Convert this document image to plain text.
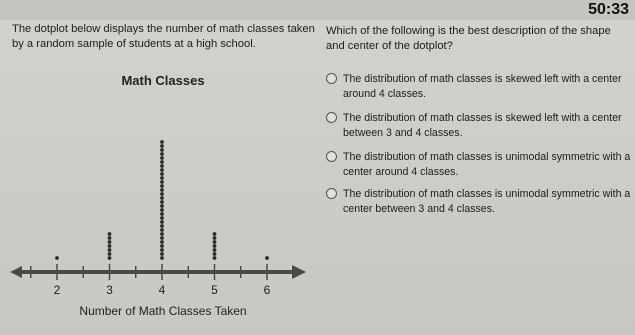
50:33
The dotplot below displays the number of math classes taken by a random sample of students at a high school.
Which of the following is the best description of the shape and center of the dotplot?
Math Classes
2	3	4	5	6
Number of Math Classes Taken
The distribution of math classes is skewed left with a center around 4 classes.
The distribution of math classes is skewed left with a center between 3 and 4 classes.
The distribution of math classes is unimodal symmetric with a center around 4 classes.
The distribution of math classes is unimodal symmetric with a center between 3 and 4 classes.
